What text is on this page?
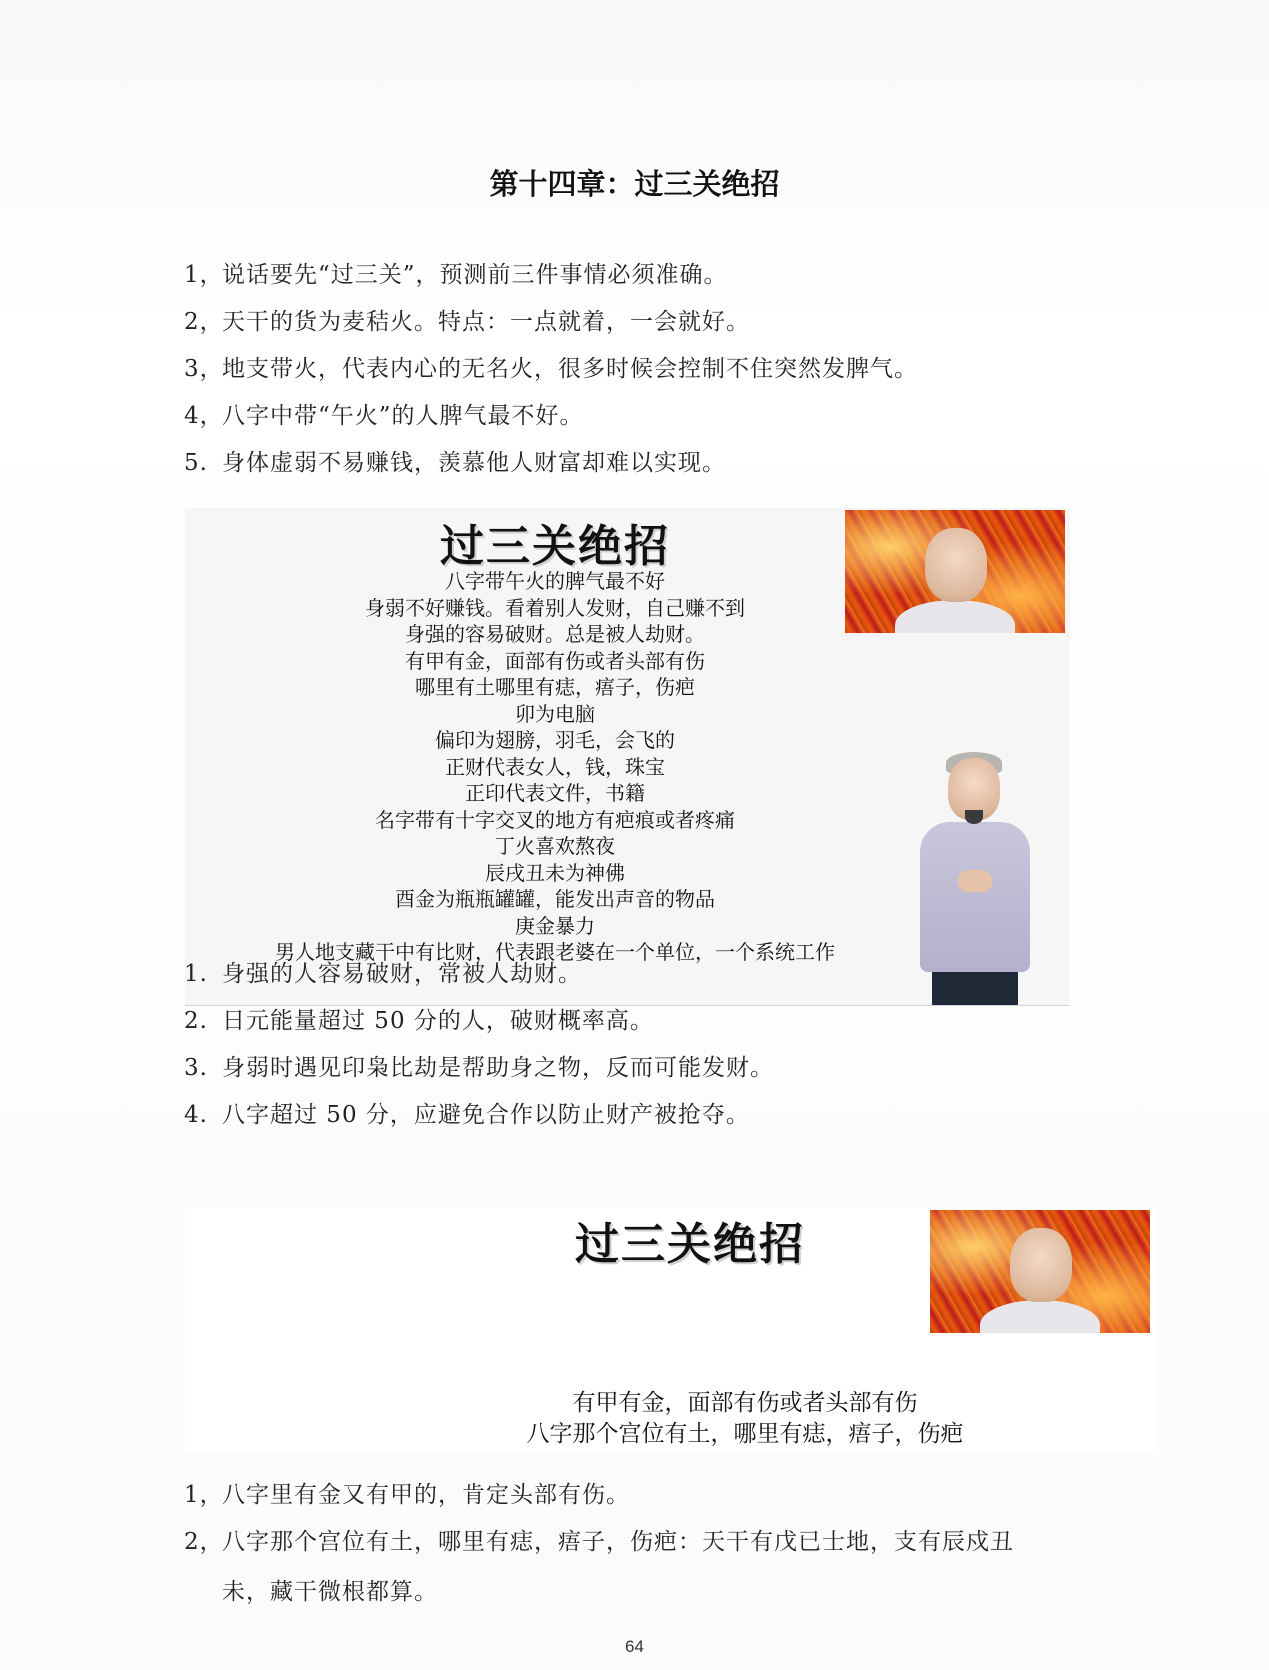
第十四章：过三关绝招
1，说话要先“过三关”，预测前三件事情必须准确。
2，天干的货为麦秸火。特点：一点就着，一会就好。
3，地支带火，代表内心的无名火，很多时候会控制不住突然发脾气。
4，八字中带“午火”的人脾气最不好。
5. 身体虚弱不易赚钱，羡慕他人财富却难以实现。
过三关绝招
八字带午火的脾气最不好
身弱不好赚钱。看着别人发财，自己赚不到
身强的容易破财。总是被人劫财。
有甲有金，面部有伤或者头部有伤
哪里有土哪里有痣，痦子，伤疤
卯为电脑
偏印为翅膀，羽毛，会飞的
正财代表女人，钱，珠宝
正印代表文件，书籍
名字带有十字交叉的地方有疤痕或者疼痛
丁火喜欢熬夜
辰戌丑未为神佛
酉金为瓶瓶罐罐，能发出声音的物品
庚金暴力
男人地支藏干中有比财，代表跟老婆在一个单位，一个系统工作
1. 身强的人容易破财，常被人劫财。
2. 日元能量超过 50 分的人，破财概率高。
3. 身弱时遇见印枭比劫是帮助身之物，反而可能发财。
4. 八字超过 50 分，应避免合作以防止财产被抢夺。
过三关绝招
有甲有金，面部有伤或者头部有伤
八字那个宫位有土，哪里有痣，痦子，伤疤
1，八字里有金又有甲的，肯定头部有伤。
2，八字那个宫位有土，哪里有痣，痦子，伤疤：天干有戊已士地，支有辰戍丑
未，藏干微根都算。
64
